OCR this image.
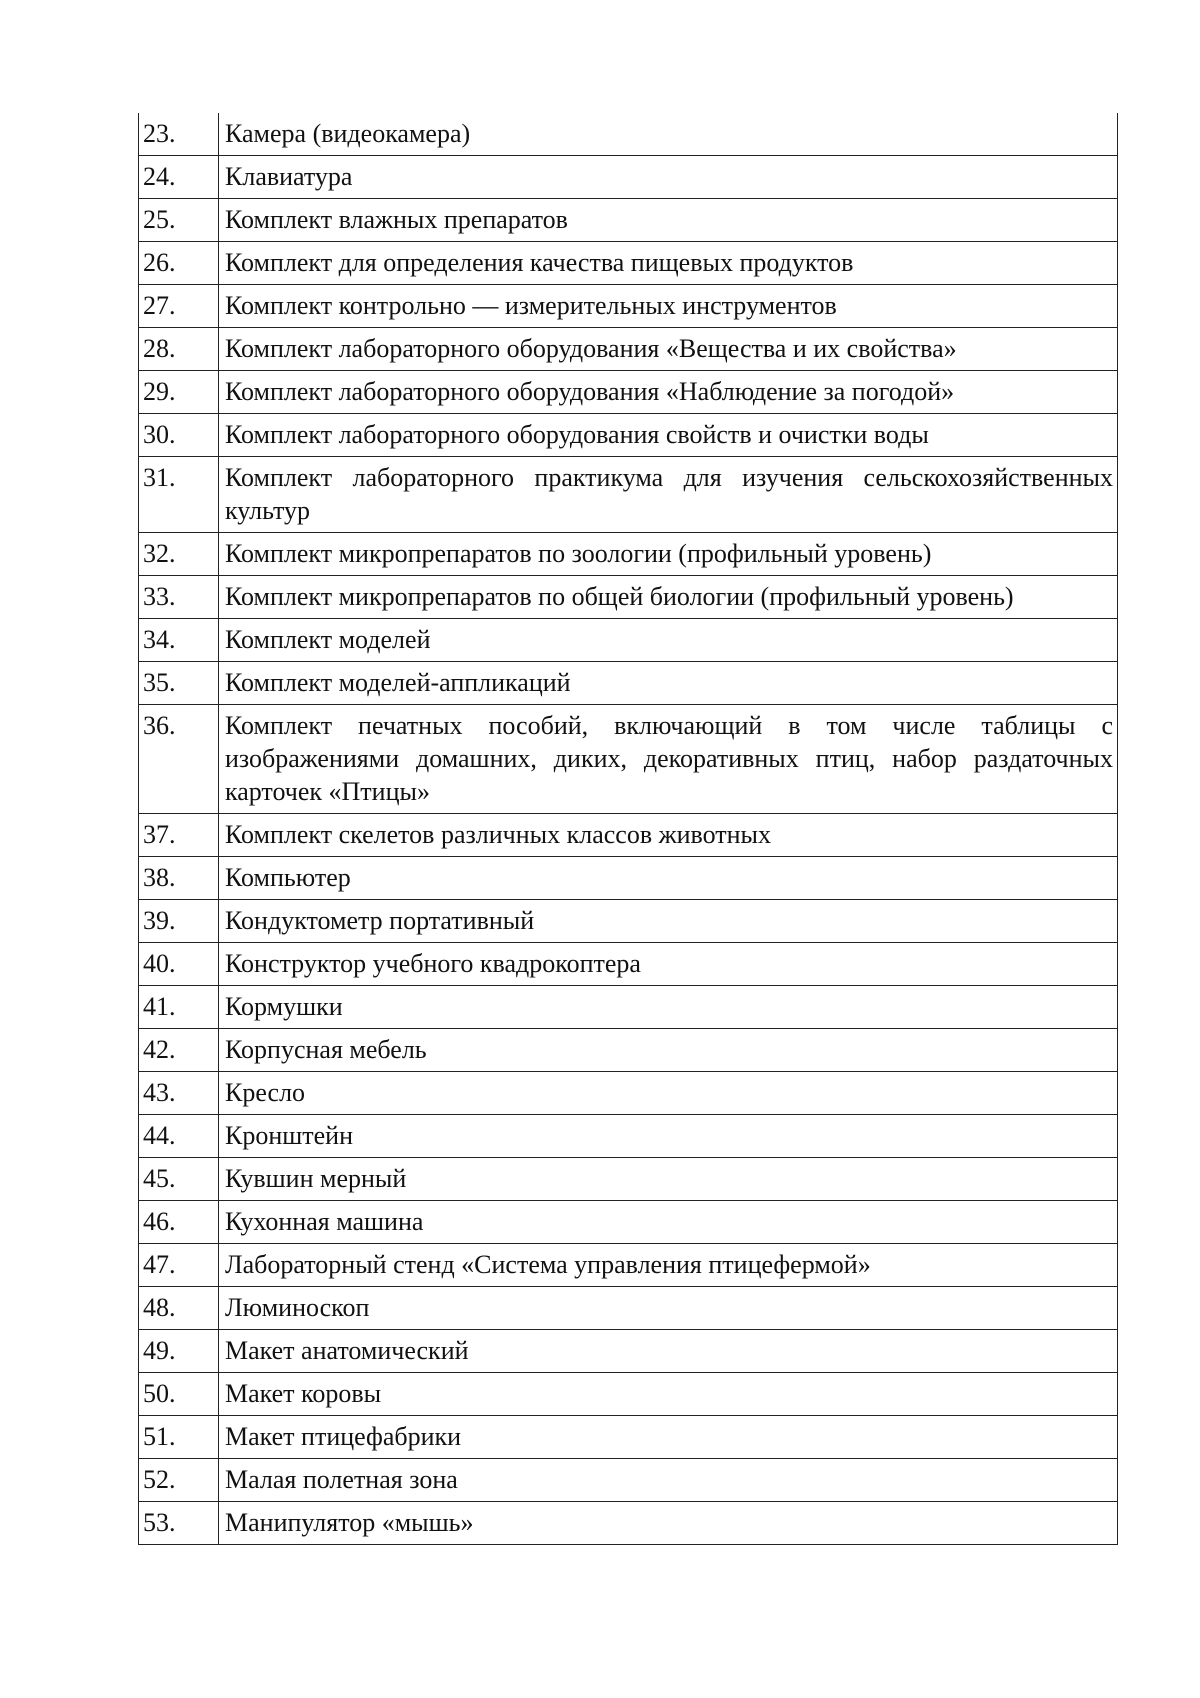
23.	Камера (видеокамера)
24.	Клавиатура
25.	Комплект влажных препаратов
26.	Комплект для определения качества пищевых продуктов
27.	Комплект контрольно — измерительных инструментов
28.	Комплект лабораторного оборудования «Вещества и их свойства»
29.	Комплект лабораторного оборудования «Наблюдение за погодой»
30.	Комплект лабораторного оборудования свойств и очистки воды
31.	Комплект лабораторного практикума для изучения сельскохозяйственных культур
32.	Комплект микропрепаратов по зоологии (профильный уровень)
33.	Комплект микропрепаратов по общей биологии (профильный уровень)
34.	Комплект моделей
35.	Комплект моделей-аппликаций
36.	Комплект печатных пособий, включающий в том числе таблицы с изображениями домашних, диких, декоративных птиц, набор раздаточных карточек «Птицы»
37.	Комплект скелетов различных классов животных
38.	Компьютер
39.	Кондуктометр портативный
40.	Конструктор учебного квадрокоптера
41.	Кормушки
42.	Корпусная мебель
43.	Кресло
44.	Кронштейн
45.	Кувшин мерный
46.	Кухонная машина
47.	Лабораторный стенд «Система управления птицефермой»
48.	Люминоскоп
49.	Макет анатомический
50.	Макет коровы
51.	Макет птицефабрики
52.	Малая полетная зона
53.	Манипулятор «мышь»
